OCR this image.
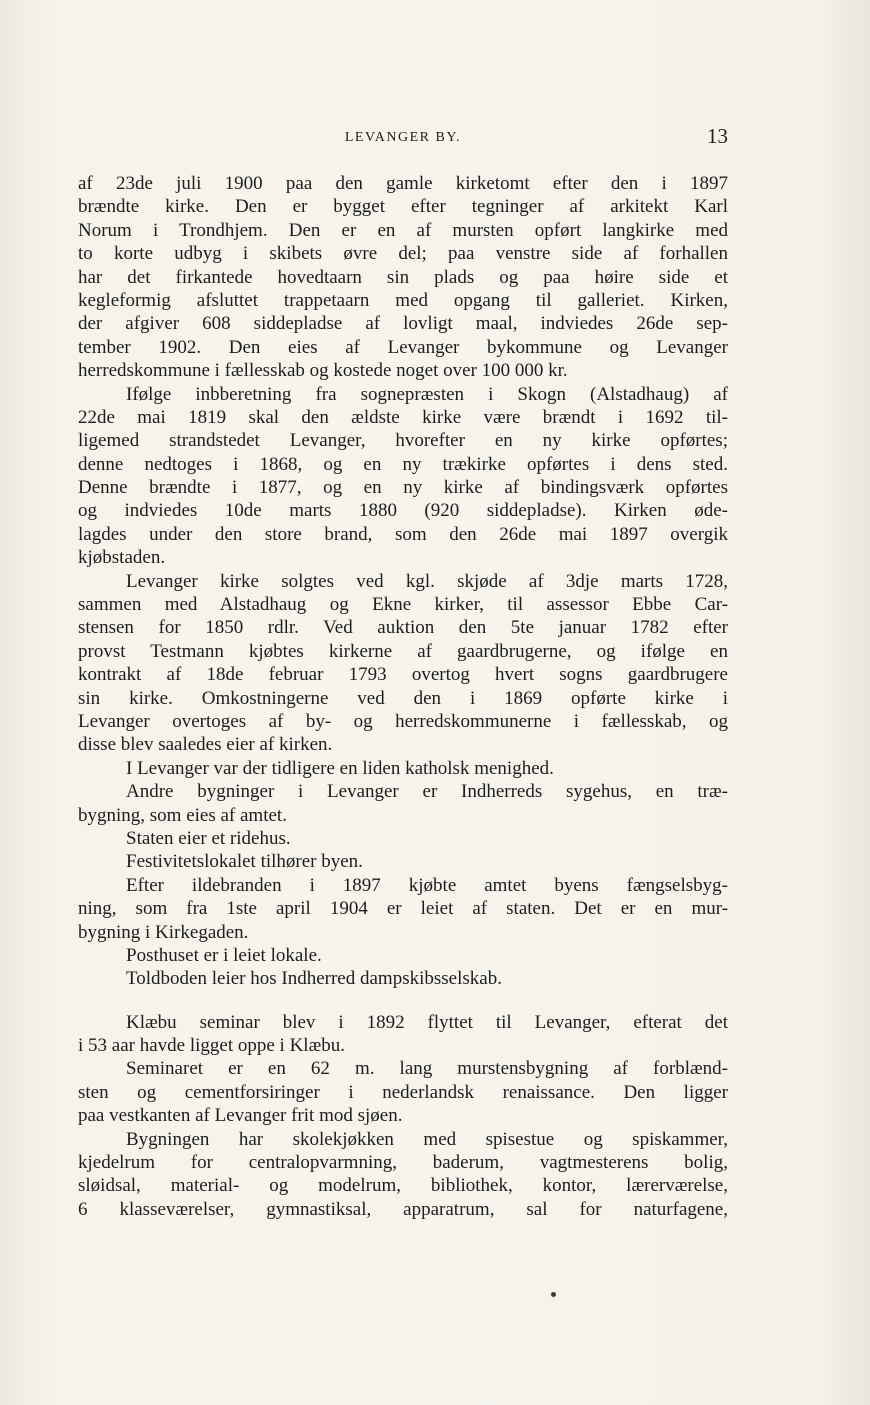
LEVANGER BY.	13
af 23de juli 1900 paa den gamle kirketomt efter den i 1897
brændte kirke. Den er bygget efter tegninger af arkitekt Karl
Norum i Trondhjem. Den er en af mursten opført langkirke med
to korte udbyg i skibets øvre del; paa venstre side af forhallen
har det firkantede hovedtaarn sin plads og paa høire side et
kegleformig afsluttet trappetaarn med opgang til galleriet. Kirken,
der afgiver 608 siddepladse af lovligt maal, indviedes 26de sep-
tember 1902. Den eies af Levanger bykommune og Levanger
herredskommune i fællesskab og kostede noget over 100 000 kr.
Ifølge inbberetning fra sognepræsten i Skogn (Alstadhaug) af
22de mai 1819 skal den ældste kirke være brændt i 1692 til-
ligemed strandstedet Levanger, hvorefter en ny kirke opførtes;
denne nedtoges i 1868, og en ny trækirke opførtes i dens sted.
Denne brændte i 1877, og en ny kirke af bindingsværk opførtes
og indviedes 10de marts 1880 (920 siddepladse). Kirken øde-
lagdes under den store brand, som den 26de mai 1897 overgik
kjøbstaden.
Levanger kirke solgtes ved kgl. skjøde af 3dje marts 1728,
sammen med Alstadhaug og Ekne kirker, til assessor Ebbe Car-
stensen for 1850 rdlr. Ved auktion den 5te januar 1782 efter
provst Testmann kjøbtes kirkerne af gaardbrugerne, og ifølge en
kontrakt af 18de februar 1793 overtog hvert sogns gaardbrugere
sin kirke. Omkostningerne ved den i 1869 opførte kirke i
Levanger overtoges af by- og herredskommunerne i fællesskab, og
disse blev saaledes eier af kirken.
I Levanger var der tidligere en liden katholsk menighed.
Andre bygninger i Levanger er Indherreds sygehus, en træ-
bygning, som eies af amtet.
Staten eier et ridehus.
Festivitetslokalet tilhører byen.
Efter ildebranden i 1897 kjøbte amtet byens fængselsbyg-
ning, som fra 1ste april 1904 er leiet af staten. Det er en mur-
bygning i Kirkegaden.
Posthuset er i leiet lokale.
Toldboden leier hos Indherred dampskibsselskab.
Klæbu seminar blev i 1892 flyttet til Levanger, efterat det
i 53 aar havde ligget oppe i Klæbu.
Seminaret er en 62 m. lang murstensbygning af forblænd-
sten og cementforsiringer i nederlandsk renaissance. Den ligger
paa vestkanten af Levanger frit mod sjøen.
Bygningen har skolekjøkken med spisestue og spiskammer,
kjedelrum for centralopvarmning, baderum, vagtmesterens bolig,
sløidsal, material- og modelrum, bibliothek, kontor, lærerværelse,
6 klasseværelser, gymnastiksal, apparatrum, sal for naturfagene,
